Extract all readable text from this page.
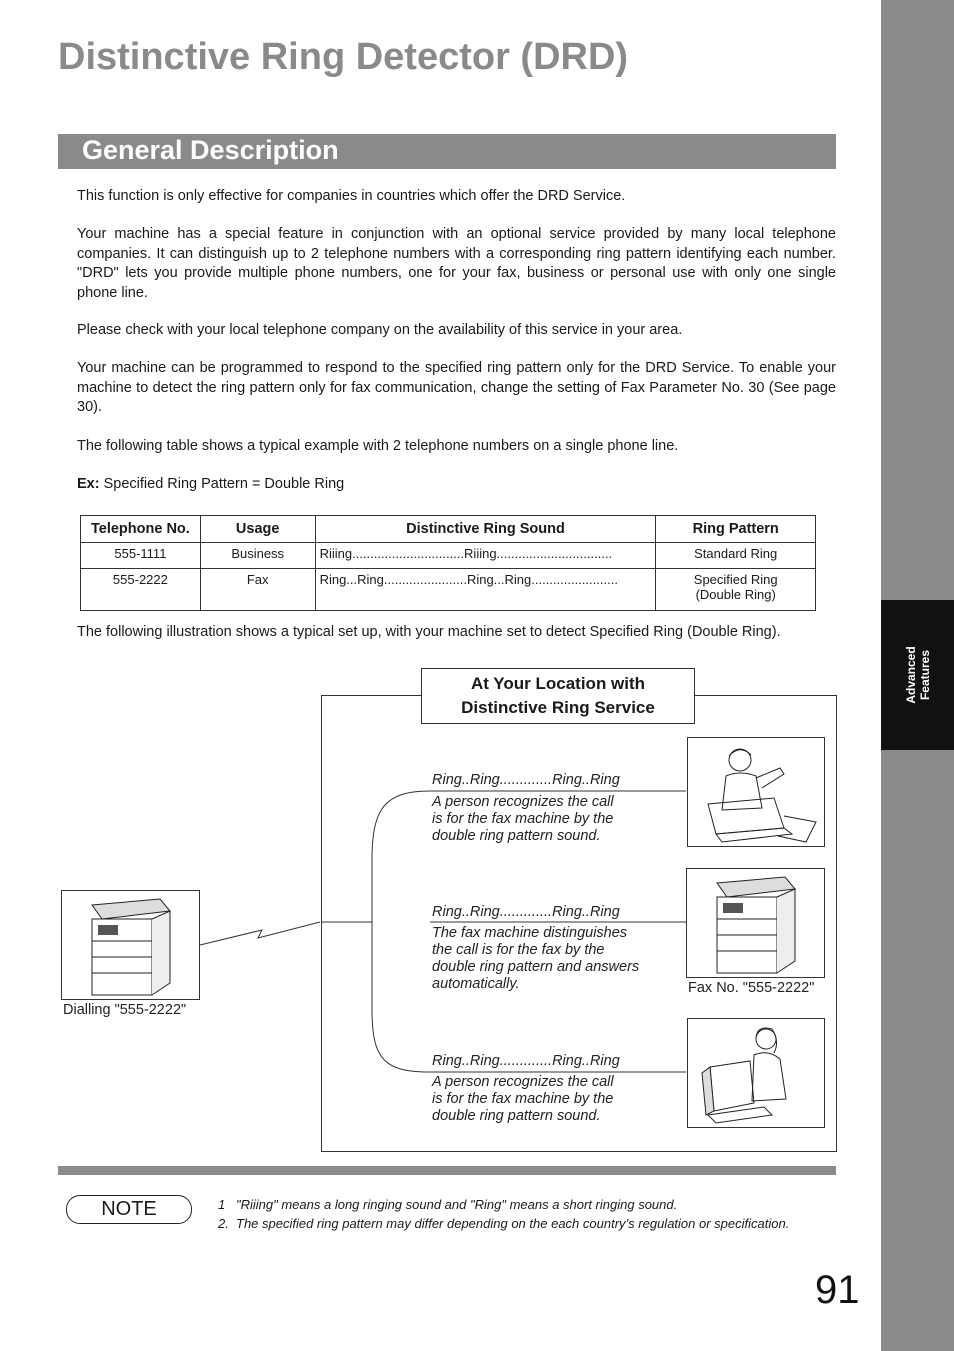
Advanced Features
Distinctive Ring Detector (DRD)
General Description

This function is only effective for companies in countries which offer the DRD Service.

Your machine has a special feature in conjunction with an optional service provided by many local telephone companies. It can distinguish up to 2 telephone numbers with a corresponding ring pattern identifying each number. "DRD" lets you provide multiple phone numbers, one for your fax, business or personal use with only one single phone line.

Please check with your local telephone company on the availability of this service in your area.

Your machine can be programmed to respond to the specified ring pattern only for the DRD Service. To enable your machine to detect the ring pattern only for fax communication, change the setting of Fax Parameter No. 30 (See page 30).

The following table shows a typical example with 2 telephone numbers on a single phone line.

Ex: Specified Ring Pattern = Double Ring

Telephone No.	Usage	Distinctive Ring Sound	Ring Pattern
555-1111	Business	Riiing...............................Riiing................................	Standard Ring
555-2222	Fax	Ring...Ring.......................Ring...Ring........................	Specified Ring
(Double Ring)

The following illustration shows a typical set up, with your machine set to detect Specified Ring (Double Ring).

At Your Location with
Distinctive Ring Service
Ring..Ring.............Ring..Ring
A person recognizes the call
is for the fax machine by the
double ring pattern sound.
Ring..Ring.............Ring..Ring
The fax machine distinguishes
the call is for the fax by the
double ring pattern and answers
automatically.
Ring..Ring.............Ring..Ring
A person recognizes the call
is for the fax machine by the
double ring pattern sound.
Fax No. "555-2222"
Dialling "555-2222"
NOTE	1 "Riiing" means a long ringing sound and "Ring" means a short ringing sound.
2. The specified ring pattern may differ depending on the each country’s regulation or specification.
91
